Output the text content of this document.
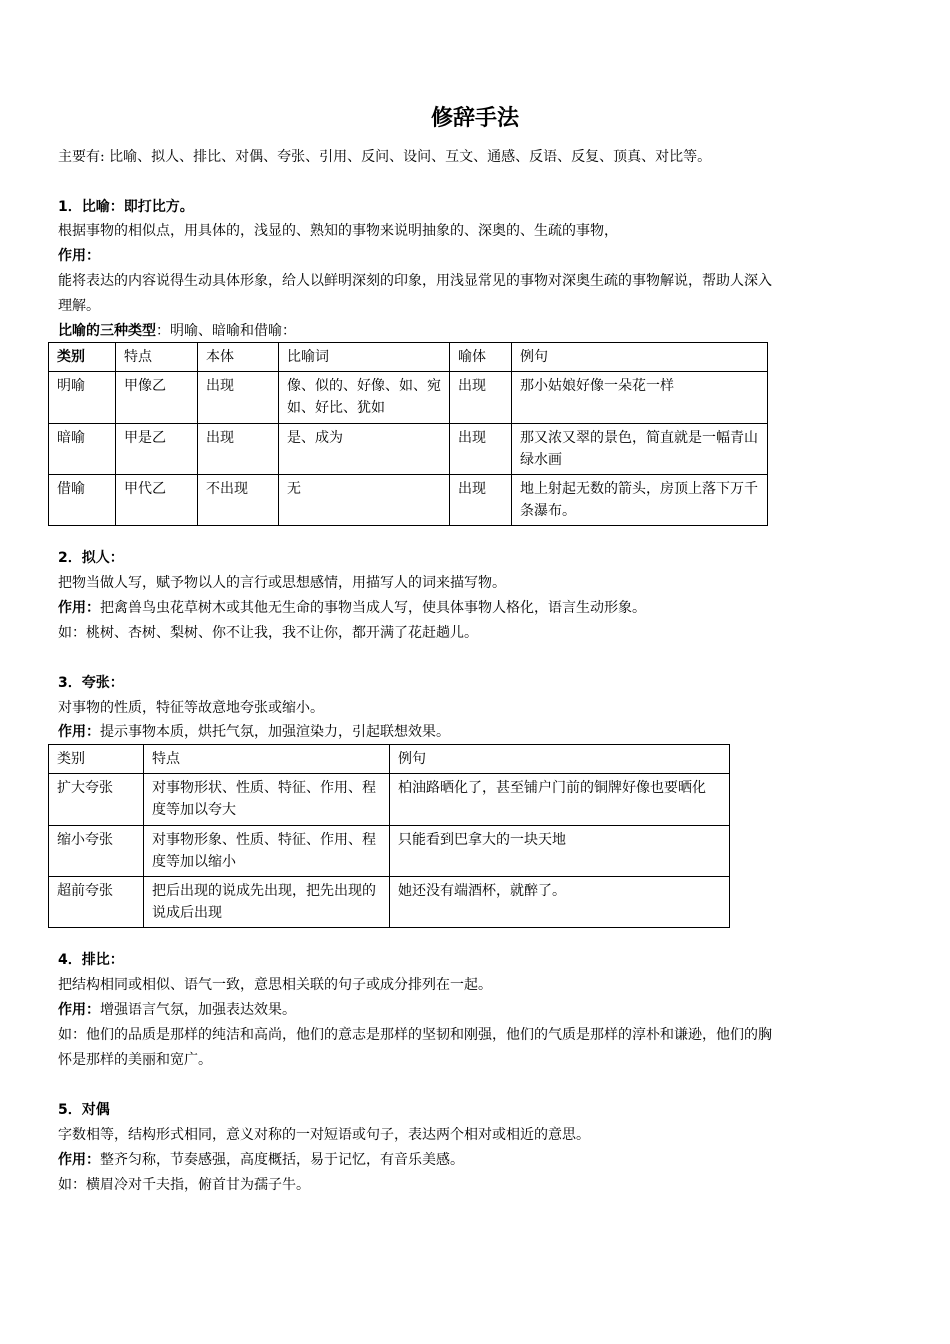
修辞手法
主要有: 比喻、拟人、排比、对偶、夸张、引用、反问、设问、互文、通感、反语、反复、顶真、对比等。
1．比喻：即打比方。
根据事物的相似点，用具体的，浅显的、熟知的事物来说明抽象的、深奥的、生疏的事物，
作用：
能将表达的内容说得生动具体形象，给人以鲜明深刻的印象，用浅显常见的事物对深奥生疏的事物解说，帮助人深入
理解。
比喻的三种类型：明喻、暗喻和借喻：
类别	特点	本体	比喻词	喻体	例句
明喻	甲像乙	出现	像、似的、好像、如、宛如、好比、犹如	出现	那小姑娘好像一朵花一样
暗喻	甲是乙	出现	是、成为	出现	那又浓又翠的景色，简直就是一幅青山绿水画
借喻	甲代乙	不出现	无	出现	地上射起无数的箭头，房顶上落下万千条瀑布。
2．拟人：
把物当做人写，赋予物以人的言行或思想感情，用描写人的词来描写物。
作用：把禽兽鸟虫花草树木或其他无生命的事物当成人写，使具体事物人格化，语言生动形象。
如：桃树、杏树、梨树、你不让我，我不让你，都开满了花赶趟儿。
3．夸张：
对事物的性质，特征等故意地夸张或缩小。
作用：提示事物本质，烘托气氛，加强渲染力，引起联想效果。
类别	特点	例句
扩大夸张	对事物形状、性质、特征、作用、程度等加以夸大	柏油路晒化了，甚至铺户门前的铜牌好像也要晒化
缩小夸张	对事物形象、性质、特征、作用、程度等加以缩小	只能看到巴拿大的一块天地
超前夸张	把后出现的说成先出现，把先出现的说成后出现	她还没有端酒杯，就醉了。
4．排比：
把结构相同或相似、语气一致，意思相关联的句子或成分排列在一起。
作用：增强语言气氛，加强表达效果。
如：他们的品质是那样的纯洁和高尚，他们的意志是那样的坚韧和刚强，他们的气质是那样的淳朴和谦逊，他们的胸
怀是那样的美丽和宽广。
5．对偶
字数相等，结构形式相同，意义对称的一对短语或句子，表达两个相对或相近的意思。
作用：整齐匀称，节奏感强，高度概括，易于记忆，有音乐美感。
如：横眉冷对千夫指，俯首甘为孺子牛。
